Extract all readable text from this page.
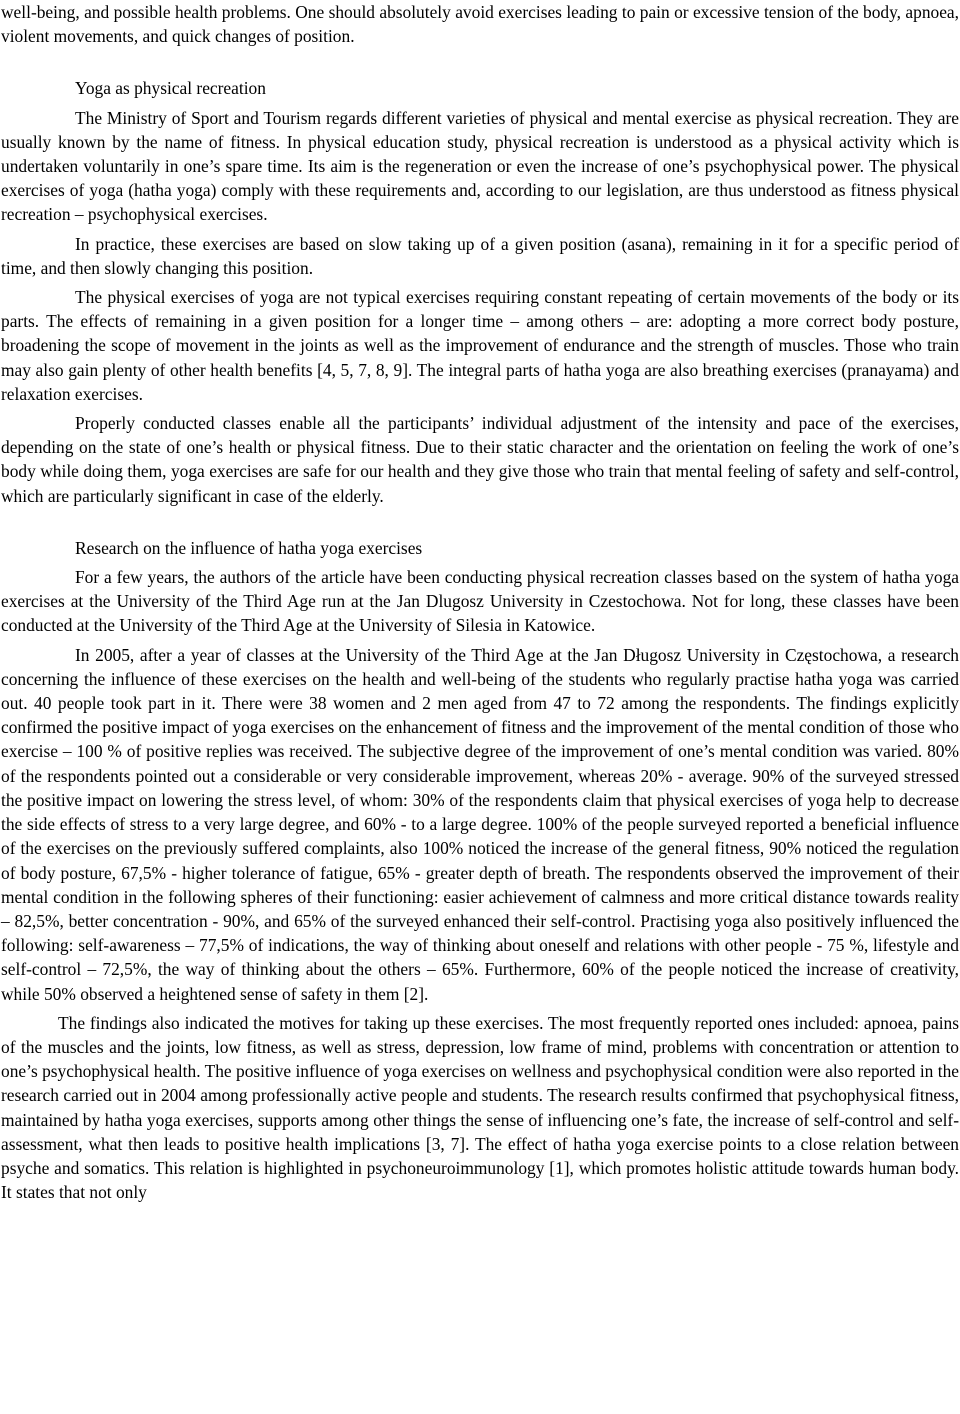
well-being, and possible health problems. One should absolutely avoid exercises leading to pain or excessive tension of the body, apnoea, violent movements, and quick changes of position.

Yoga as physical recreation

The Ministry of Sport and Tourism regards different varieties of physical and mental exercise as physical recreation. They are usually known by the name of fitness. In physical education study, physical recreation is understood as a physical activity which is undertaken voluntarily in one’s spare time. Its aim is the regeneration or even the increase of one’s psychophysical power. The physical exercises of yoga (hatha yoga) comply with these requirements and, according to our legislation, are thus understood as fitness physical recreation – psychophysical exercises.

In practice, these exercises are based on slow taking up of a given position (asana), remaining in it for a specific period of time, and then slowly changing this position.

The physical exercises of yoga are not typical exercises requiring constant repeating of certain movements of the body or its parts. The effects of remaining in a given position for a longer time – among others – are: adopting a more correct body posture, broadening the scope of movement in the joints as well as the improvement of endurance and the strength of muscles. Those who train may also gain plenty of other health benefits [4, 5, 7, 8, 9]. The integral parts of hatha yoga are also breathing exercises (pranayama) and relaxation exercises.

Properly conducted classes enable all the participants’ individual adjustment of the intensity and pace of the exercises, depending on the state of one’s health or physical fitness. Due to their static character and the orientation on feeling the work of one’s body while doing them, yoga exercises are safe for our health and they give those who train that mental feeling of safety and self-control, which are particularly significant in case of the elderly.

Research on the influence of hatha yoga exercises

For a few years, the authors of the article have been conducting physical recreation classes based on the system of hatha yoga exercises at the University of the Third Age run at the Jan Dlugosz University in Czestochowa. Not for long, these classes have been conducted at the University of the Third Age at the University of Silesia in Katowice.

In 2005, after a year of classes at the University of the Third Age at the Jan Długosz University in Częstochowa, a research concerning the influence of these exercises on the health and well-being of the students who regularly practise hatha yoga was carried out. 40 people took part in it. There were 38 women and 2 men aged from 47 to 72 among the respondents. The findings explicitly confirmed the positive impact of yoga exercises on the enhancement of fitness and the improvement of the mental condition of those who exercise – 100 % of positive replies was received. The subjective degree of the improvement of one’s mental condition was varied. 80% of the respondents pointed out a considerable or very considerable improvement, whereas 20% - average. 90% of the surveyed stressed the positive impact on lowering the stress level, of whom: 30% of the respondents claim that physical exercises of yoga help to decrease the side effects of stress to a very large degree, and 60% - to a large degree. 100% of the people surveyed reported a beneficial influence of the exercises on the previously suffered complaints, also 100% noticed the increase of the general fitness, 90% noticed the regulation of body posture, 67,5% - higher tolerance of fatigue, 65% - greater depth of breath. The respondents observed the improvement of their mental condition in the following spheres of their functioning: easier achievement of calmness and more critical distance towards reality – 82,5%, better concentration - 90%, and 65% of the surveyed enhanced their self-control. Practising yoga also positively influenced the following: self-awareness – 77,5% of indications, the way of thinking about oneself and relations with other people - 75 %, lifestyle and self-control – 72,5%, the way of thinking about the others – 65%. Furthermore, 60% of the people noticed the increase of creativity, while 50% observed a heightened sense of safety in them [2].

The findings also indicated the motives for taking up these exercises. The most frequently reported ones included: apnoea, pains of the muscles and the joints, low fitness, as well as stress, depression, low frame of mind, problems with concentration or attention to one’s psychophysical health. The positive influence of yoga exercises on wellness and psychophysical condition were also reported in the research carried out in 2004 among professionally active people and students. The research results confirmed that psychophysical fitness, maintained by hatha yoga exercises, supports among other things the sense of influencing one’s fate, the increase of self-control and self-assessment, what then leads to positive health implications [3, 7]. The effect of hatha yoga exercise points to a close relation between psyche and somatics. This relation is highlighted in psychoneuroimmunology [1], which promotes holistic attitude towards human body. It states that not only
